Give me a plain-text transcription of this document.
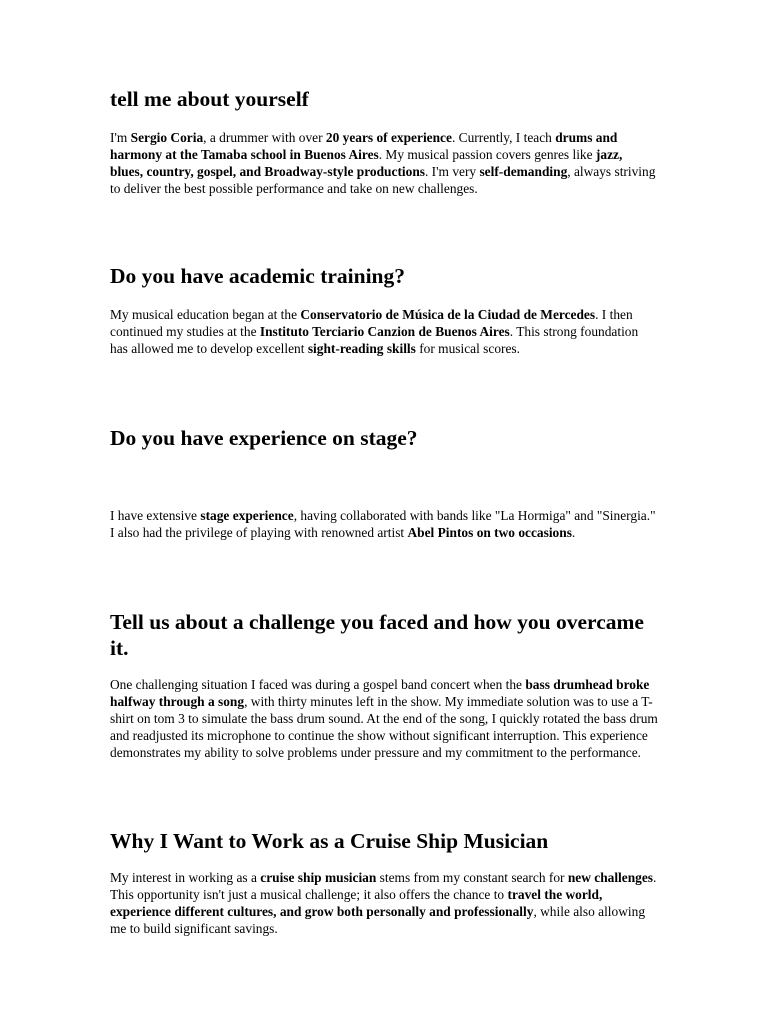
tell me about yourself

I'm Sergio Coria, a drummer with over 20 years of experience. Currently, I teach drums and harmony at the Tamaba school in Buenos Aires. My musical passion covers genres like jazz, blues, country, gospel, and Broadway-style productions. I'm very self-demanding, always striving to deliver the best possible performance and take on new challenges.

Do you have academic training?

My musical education began at the Conservatorio de Música de la Ciudad de Mercedes. I then continued my studies at the Instituto Terciario Canzion de Buenos Aires. This strong foundation has allowed me to develop excellent sight-reading skills for musical scores.

Do you have experience on stage?

I have extensive stage experience, having collaborated with bands like "La Hormiga" and "Sinergia." I also had the privilege of playing with renowned artist Abel Pintos on two occasions.

Tell us about a challenge you faced and how you overcame it.

One challenging situation I faced was during a gospel band concert when the bass drumhead broke halfway through a song, with thirty minutes left in the show. My immediate solution was to use a T-shirt on tom 3 to simulate the bass drum sound. At the end of the song, I quickly rotated the bass drum and readjusted its microphone to continue the show without significant interruption. This experience demonstrates my ability to solve problems under pressure and my commitment to the performance.

Why I Want to Work as a Cruise Ship Musician

My interest in working as a cruise ship musician stems from my constant search for new challenges. This opportunity isn't just a musical challenge; it also offers the chance to travel the world, experience different cultures, and grow both personally and professionally, while also allowing me to build significant savings.
